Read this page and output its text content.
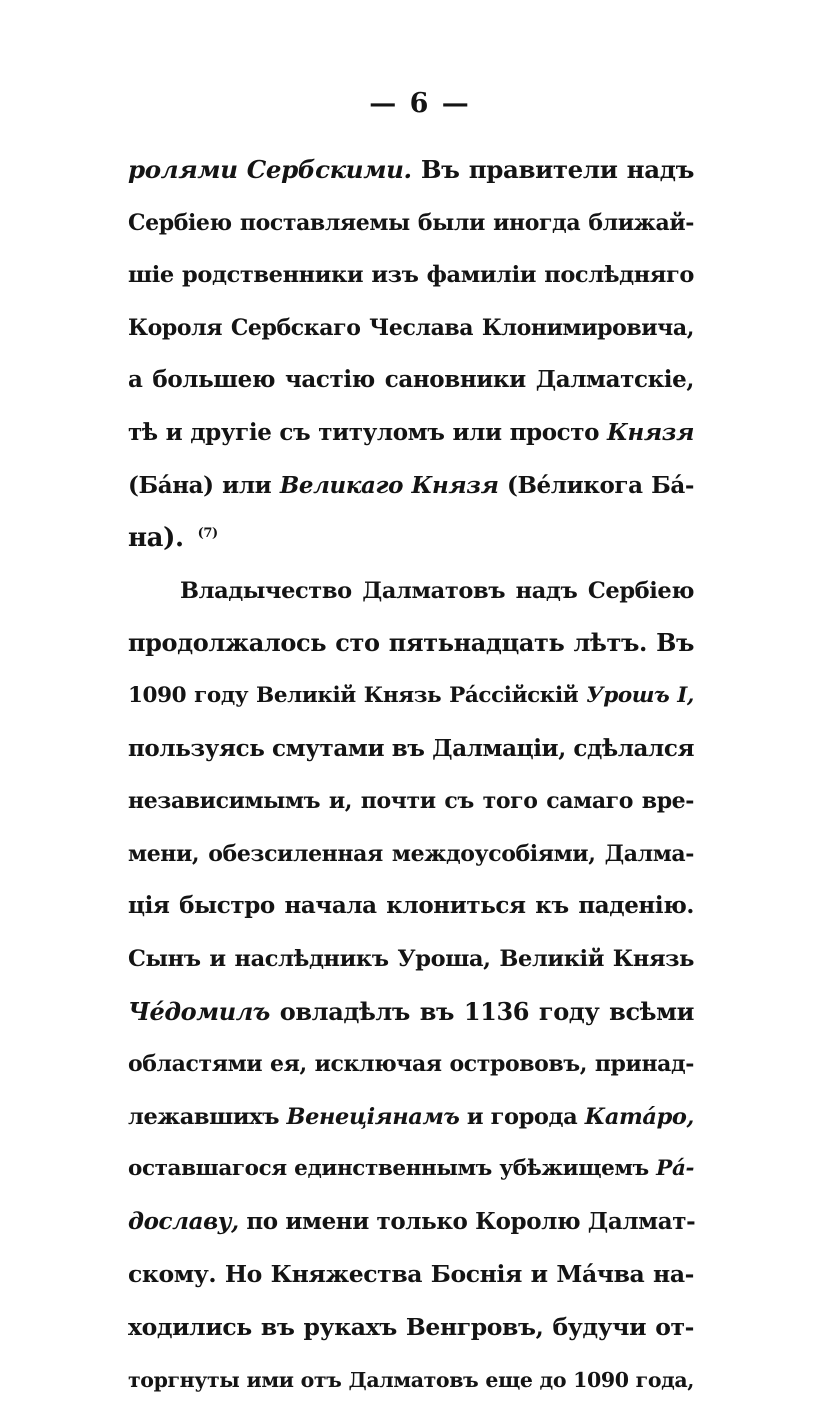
— 6 —
ролями Сербскими. Въ правители надъ
Сербіею поставляемы были иногда ближай-
шіе родственники изъ фамиліи послѣдняго
Короля Сербскаго Чеслава Клонимировича,
а большею частію сановники Далматскіе,
тѣ и другіе съ титуломъ или просто Князя
(Бáна) или Великаго Князя (Вéликога Бá-
на). $^{(7)}$
Владычество Далматовъ надъ Сербіею
продолжалось сто пятьнадцать лѣтъ. Въ
1090 году Великій Князь Рáссійскій Урошъ I,
пользуясь смутами въ Далмаціи, сдѣлался
независимымъ и, почти съ того самаго вре-
мени, обезсиленная междоусобіями, Далма-
ція быстро начала клониться къ паденію.
Сынъ и наслѣдникъ Уроша, Великій Князь
Чéдомилъ овладѣлъ въ 1136 году всѣми
областями ея, исключая острововъ, принад-
лежавшихъ Венеціянамъ и города Катáро,
оставшагося единственнымъ убѣжищемъ Рá-
дославу, по имени только Королю Далмат-
скому. Но Княжества Боснія и Мáчва на-
ходились въ рукахъ Венгровъ, будучи от-
торгнуты ими отъ Далматовъ еще до 1090 года,
